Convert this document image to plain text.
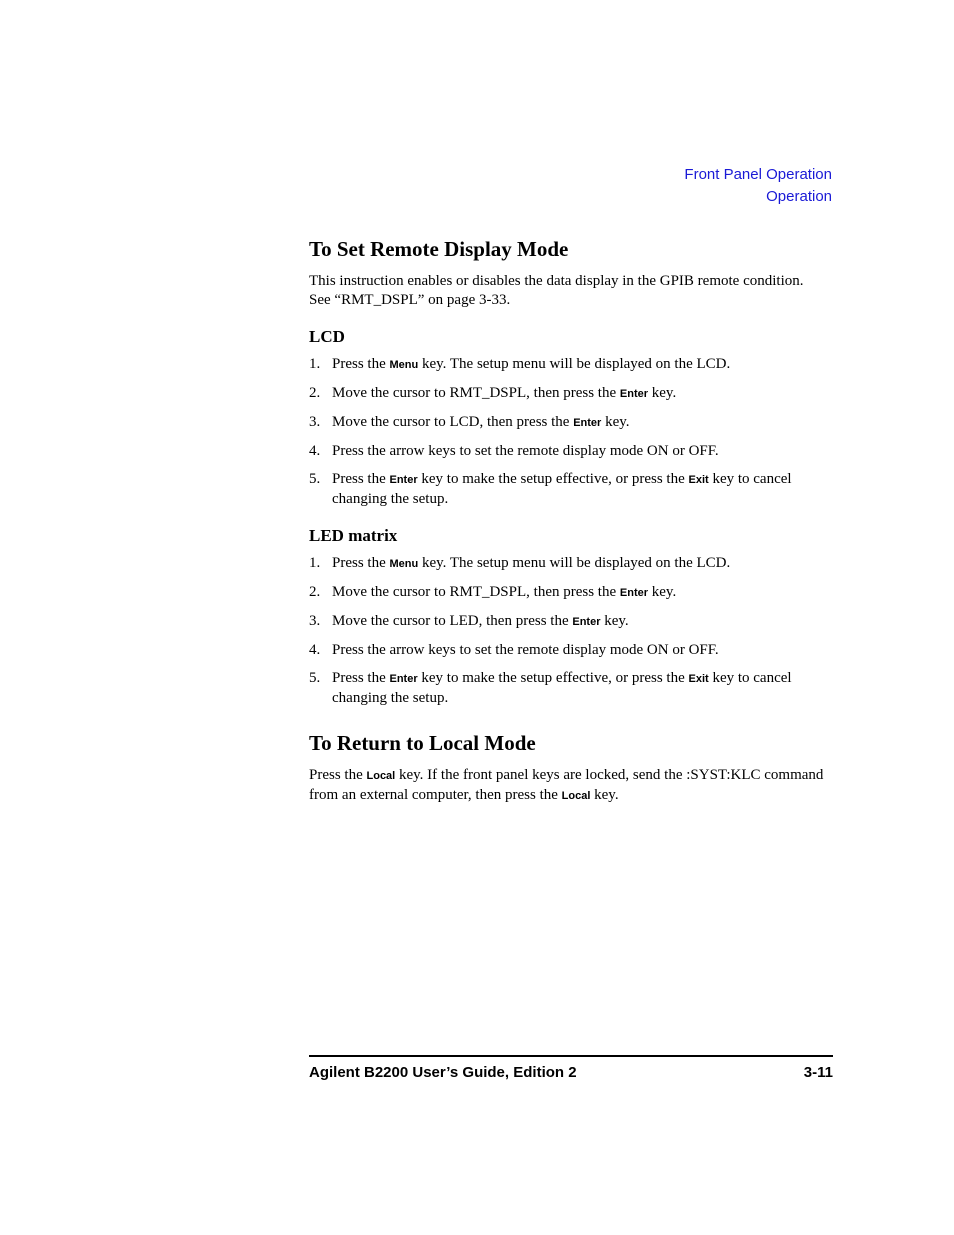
Front Panel Operation
Operation
To Set Remote Display Mode

This instruction enables or disables the data display in the GPIB remote condition.
See “RMT_DSPL” on page 3-33.

LCD
1. Press the Menu key. The setup menu will be displayed on the LCD.
2. Move the cursor to RMT_DSPL, then press the Enter key.
3. Move the cursor to LCD, then press the Enter key.
4. Press the arrow keys to set the remote display mode ON or OFF.
5. Press the Enter key to make the setup effective, or press the Exit key to cancel changing the setup.
LED matrix
1. Press the Menu key. The setup menu will be displayed on the LCD.
2. Move the cursor to RMT_DSPL, then press the Enter key.
3. Move the cursor to LED, then press the Enter key.
4. Press the arrow keys to set the remote display mode ON or OFF.
5. Press the Enter key to make the setup effective, or press the Exit key to cancel changing the setup.
To Return to Local Mode

Press the Local key. If the front panel keys are locked, send the :SYST:KLC command from an external computer, then press the Local key.

Agilent B2200 User’s Guide, Edition 2	3-11
